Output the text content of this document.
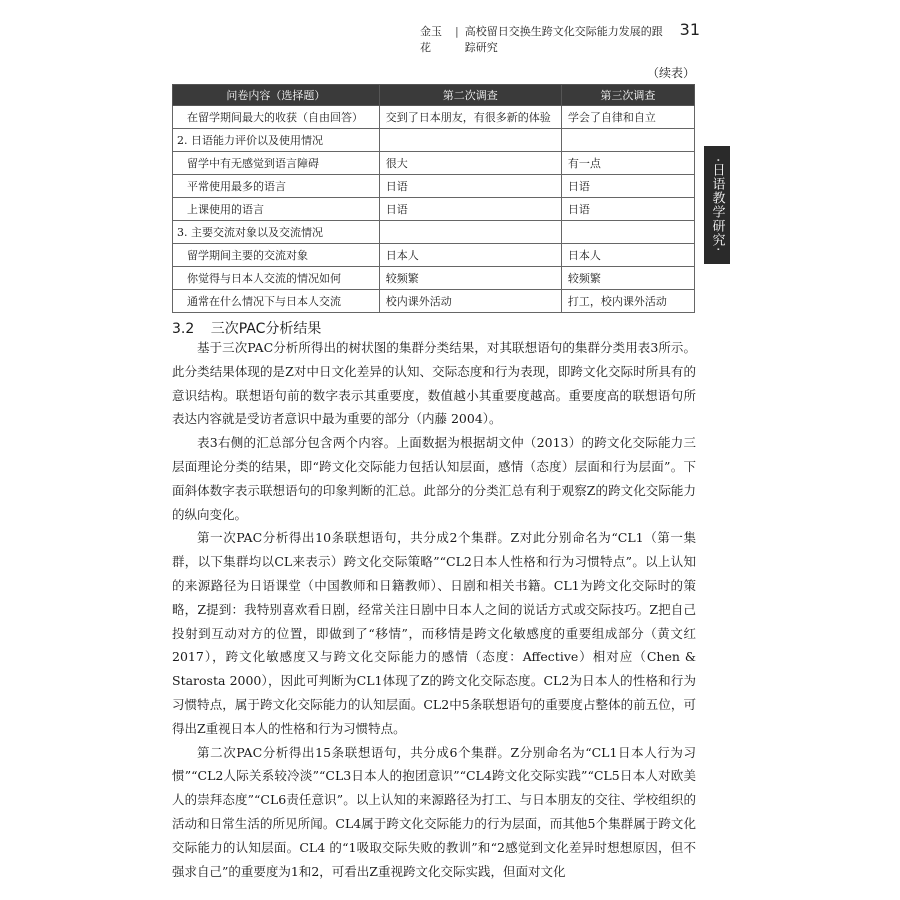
金玉花
| 高校留日交换生跨文化交际能力发展的跟踪研究
31
·日语教学研究·
（续表）
问卷内容（选择题）	第二次调查	第三次调查
在留学期间最大的收获（自由回答）	交到了日本朋友，有很多新的体验	学会了自律和自立
2. 日语能力评价以及使用情况		
留学中有无感觉到语言障碍	很大	有一点
平常使用最多的语言	日语	日语
上课使用的语言	日语	日语
3. 主要交流对象以及交流情况		
留学期间主要的交流对象	日本人	日本人
你觉得与日本人交流的情况如何	较频繁	较频繁
通常在什么情况下与日本人交流	校内课外活动	打工，校内课外活动
3.2 三次PAC分析结果

基于三次PAC分析所得出的树状图的集群分类结果，对其联想语句的集群分类用表3所示。此分类结果体现的是Z对中日文化差异的认知、交际态度和行为表现，即跨文化交际时所具有的意识结构。联想语句前的数字表示其重要度，数值越小其重要度越高。重要度高的联想语句所表达内容就是受访者意识中最为重要的部分（内藤 2004）。

表3右侧的汇总部分包含两个内容。上面数据为根据胡文仲（2013）的跨文化交际能力三层面理论分类的结果，即“跨文化交际能力包括认知层面，感情（态度）层面和行为层面”。下面斜体数字表示联想语句的印象判断的汇总。此部分的分类汇总有利于观察Z的跨文化交际能力的纵向变化。

第一次PAC分析得出10条联想语句，共分成2个集群。Z对此分别命名为“CL1（第一集群，以下集群均以CL来表示）跨文化交际策略”“CL2日本人性格和行为习惯特点”。以上认知的来源路径为日语课堂（中国教师和日籍教师）、日剧和相关书籍。CL1为跨文化交际时的策略，Z提到：我特别喜欢看日剧，经常关注日剧中日本人之间的说话方式或交际技巧。Z把自己投射到互动对方的位置，即做到了“移情”，而移情是跨文化敏感度的重要组成部分（黄文红 2017），跨文化敏感度又与跨文化交际能力的感情（态度：Affective）相对应（Chen & Starosta 2000），因此可判断为CL1体现了Z的跨文化交际态度。CL2为日本人的性格和行为习惯特点，属于跨文化交际能力的认知层面。CL2中5条联想语句的重要度占整体的前五位，可得出Z重视日本人的性格和行为习惯特点。

第二次PAC分析得出15条联想语句，共分成6个集群。Z分别命名为“CL1日本人行为习惯”“CL2人际关系较冷淡”“CL3日本人的抱团意识”“CL4跨文化交际实践”“CL5日本人对欧美人的崇拜态度”“CL6责任意识”。以上认知的来源路径为打工、与日本朋友的交往、学校组织的活动和日常生活的所见所闻。CL4属于跨文化交际能力的行为层面，而其他5个集群属于跨文化交际能力的认知层面。CL4 的“1吸取交际失败的教训”和“2感觉到文化差异时想想原因，但不强求自己”的重要度为1和2，可看出Z重视跨文化交际实践，但面对文化
